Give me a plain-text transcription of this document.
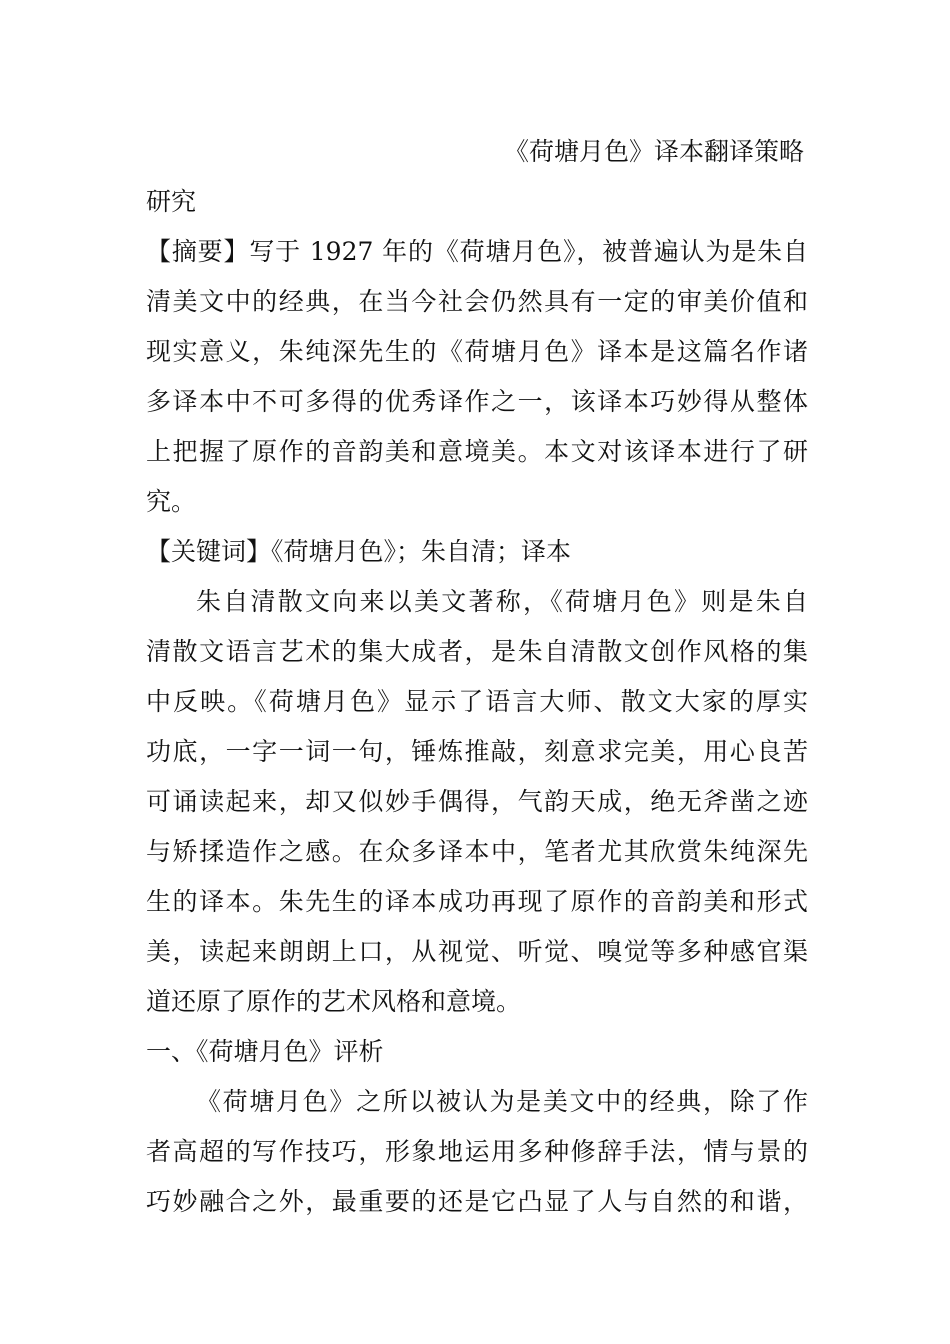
《荷塘月色》译本翻译策略
研究
【摘要】写于 1927 年的《荷塘月色》，被普遍认为是朱自
清美文中的经典，在当今社会仍然具有一定的审美价值和
现实意义，朱纯深先生的《荷塘月色》译本是这篇名作诸
多译本中不可多得的优秀译作之一，该译本巧妙得从整体
上把握了原作的音韵美和意境美。本文对该译本进行了研
究。
【关键词】《荷塘月色》；朱自清；译本
朱自清散文向来以美文著称，《荷塘月色》则是朱自
清散文语言艺术的集大成者，是朱自清散文创作风格的集
中反映。《荷塘月色》显示了语言大师、散文大家的厚实
功底，一字一词一句，锤炼推敲，刻意求完美，用心良苦
可诵读起来，却又似妙手偶得，气韵天成，绝无斧凿之迹
与矫揉造作之感。在众多译本中，笔者尤其欣赏朱纯深先
生的译本。朱先生的译本成功再现了原作的音韵美和形式
美，读起来朗朗上口，从视觉、听觉、嗅觉等多种感官渠
道还原了原作的艺术风格和意境。
一、《荷塘月色》评析
《荷塘月色》之所以被认为是美文中的经典，除了作
者高超的写作技巧，形象地运用多种修辞手法，情与景的
巧妙融合之外，最重要的还是它凸显了人与自然的和谐，
